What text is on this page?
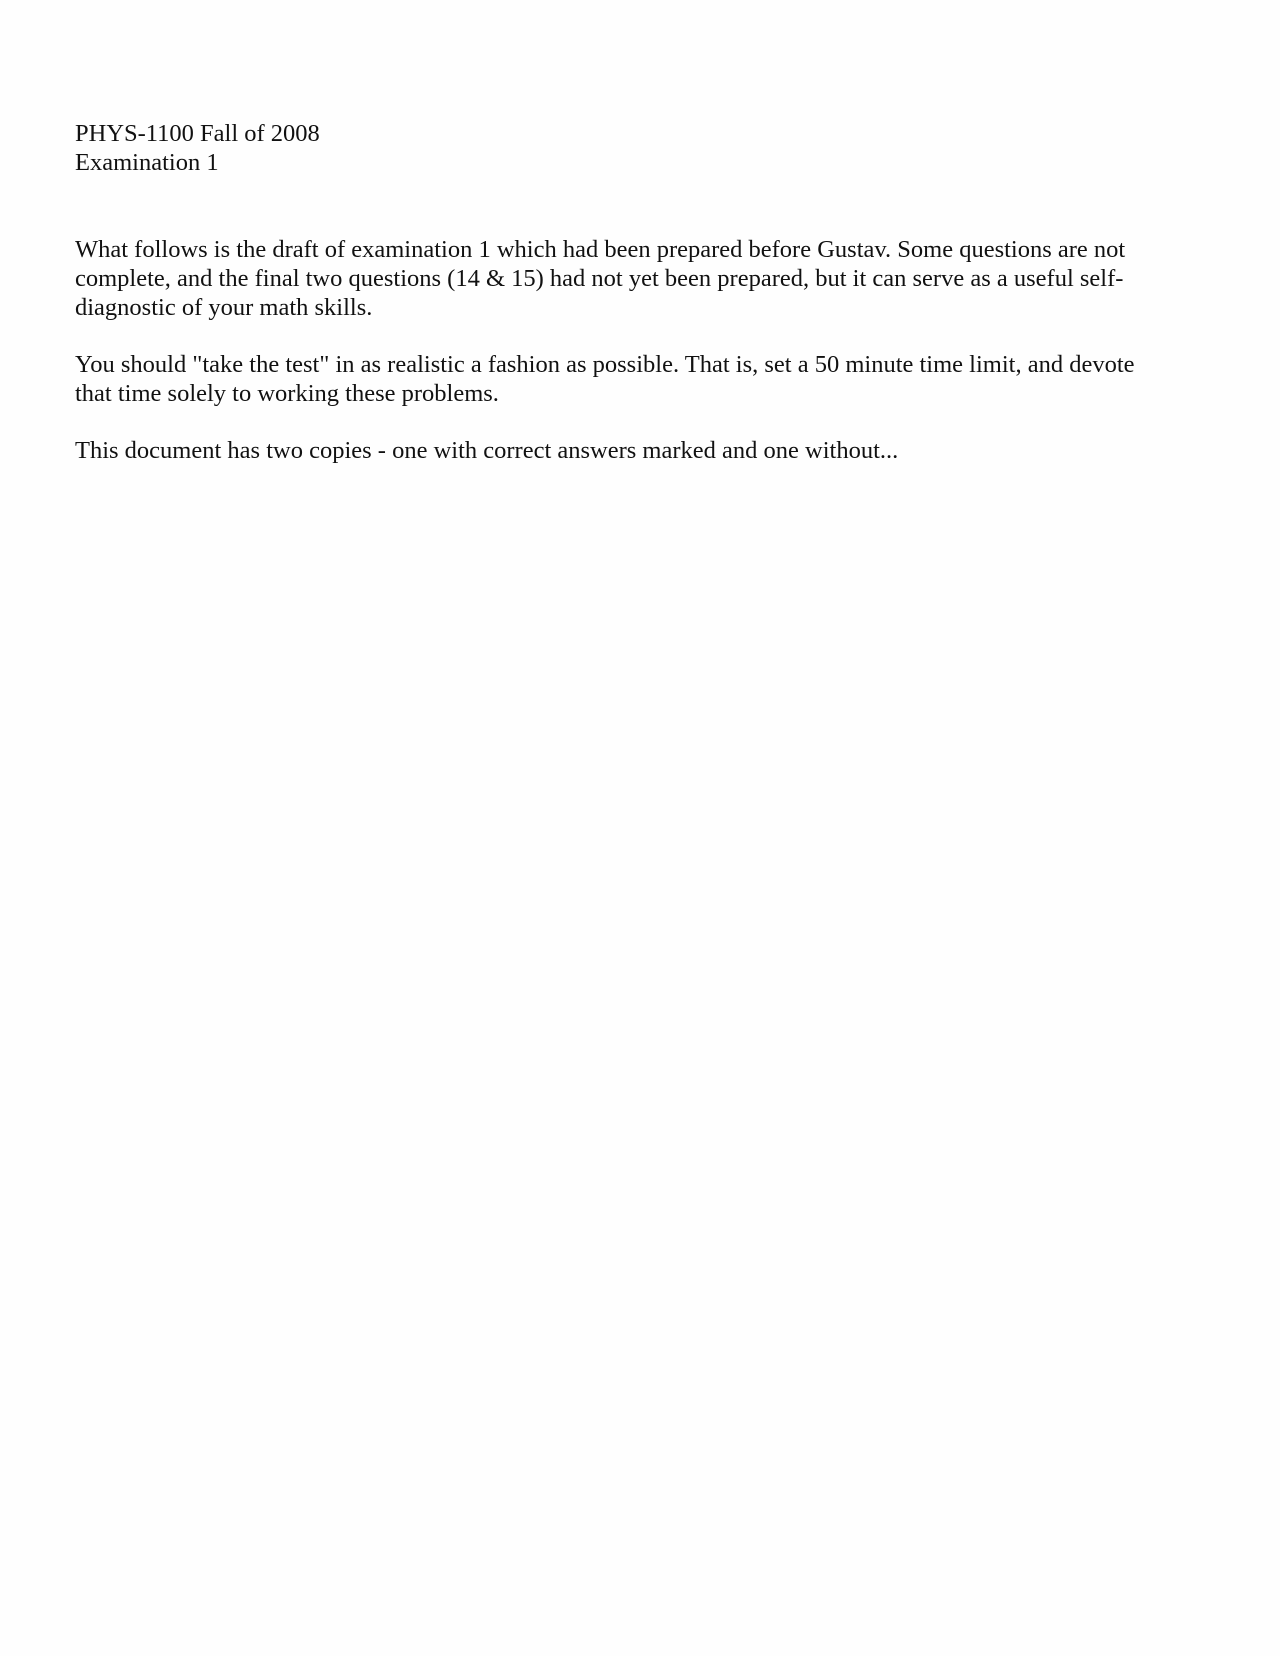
PHYS-1100 Fall of 2008
Examination 1

What follows is the draft of examination 1 which had been prepared before Gustav. Some questions are not
complete, and the final two questions (14 & 15) had not yet been prepared, but it can serve as a useful self-
diagnostic of your math skills.

You should "take the test" in as realistic a fashion as possible. That is, set a 50 minute time limit, and devote
that time solely to working these problems.

This document has two copies - one with correct answers marked and one without...
